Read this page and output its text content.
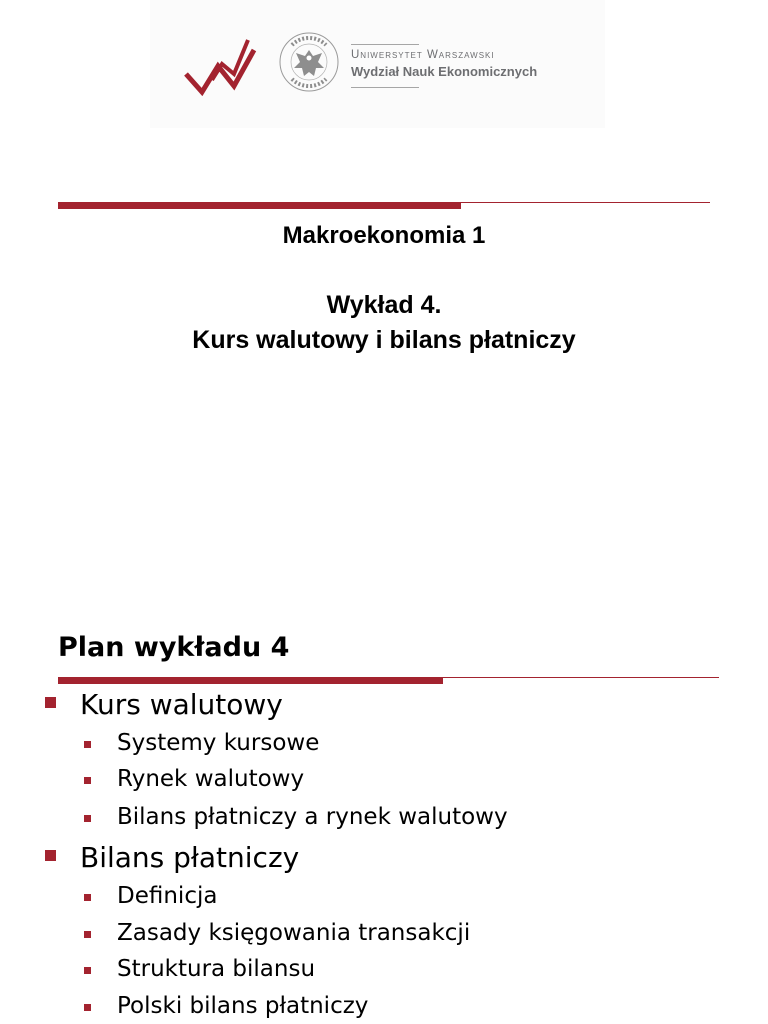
Uniwersytet Warszawski
Wydział Nauk Ekonomicznych
Makroekonomia 1
Wykład 4.
Kurs walutowy i bilans płatniczy
Plan wykładu 4
Kurs walutowy
Systemy kursowe
Rynek walutowy
Bilans płatniczy a rynek walutowy
Bilans płatniczy
Definicja
Zasady księgowania transakcji
Struktura bilansu
Polski bilans płatniczy
